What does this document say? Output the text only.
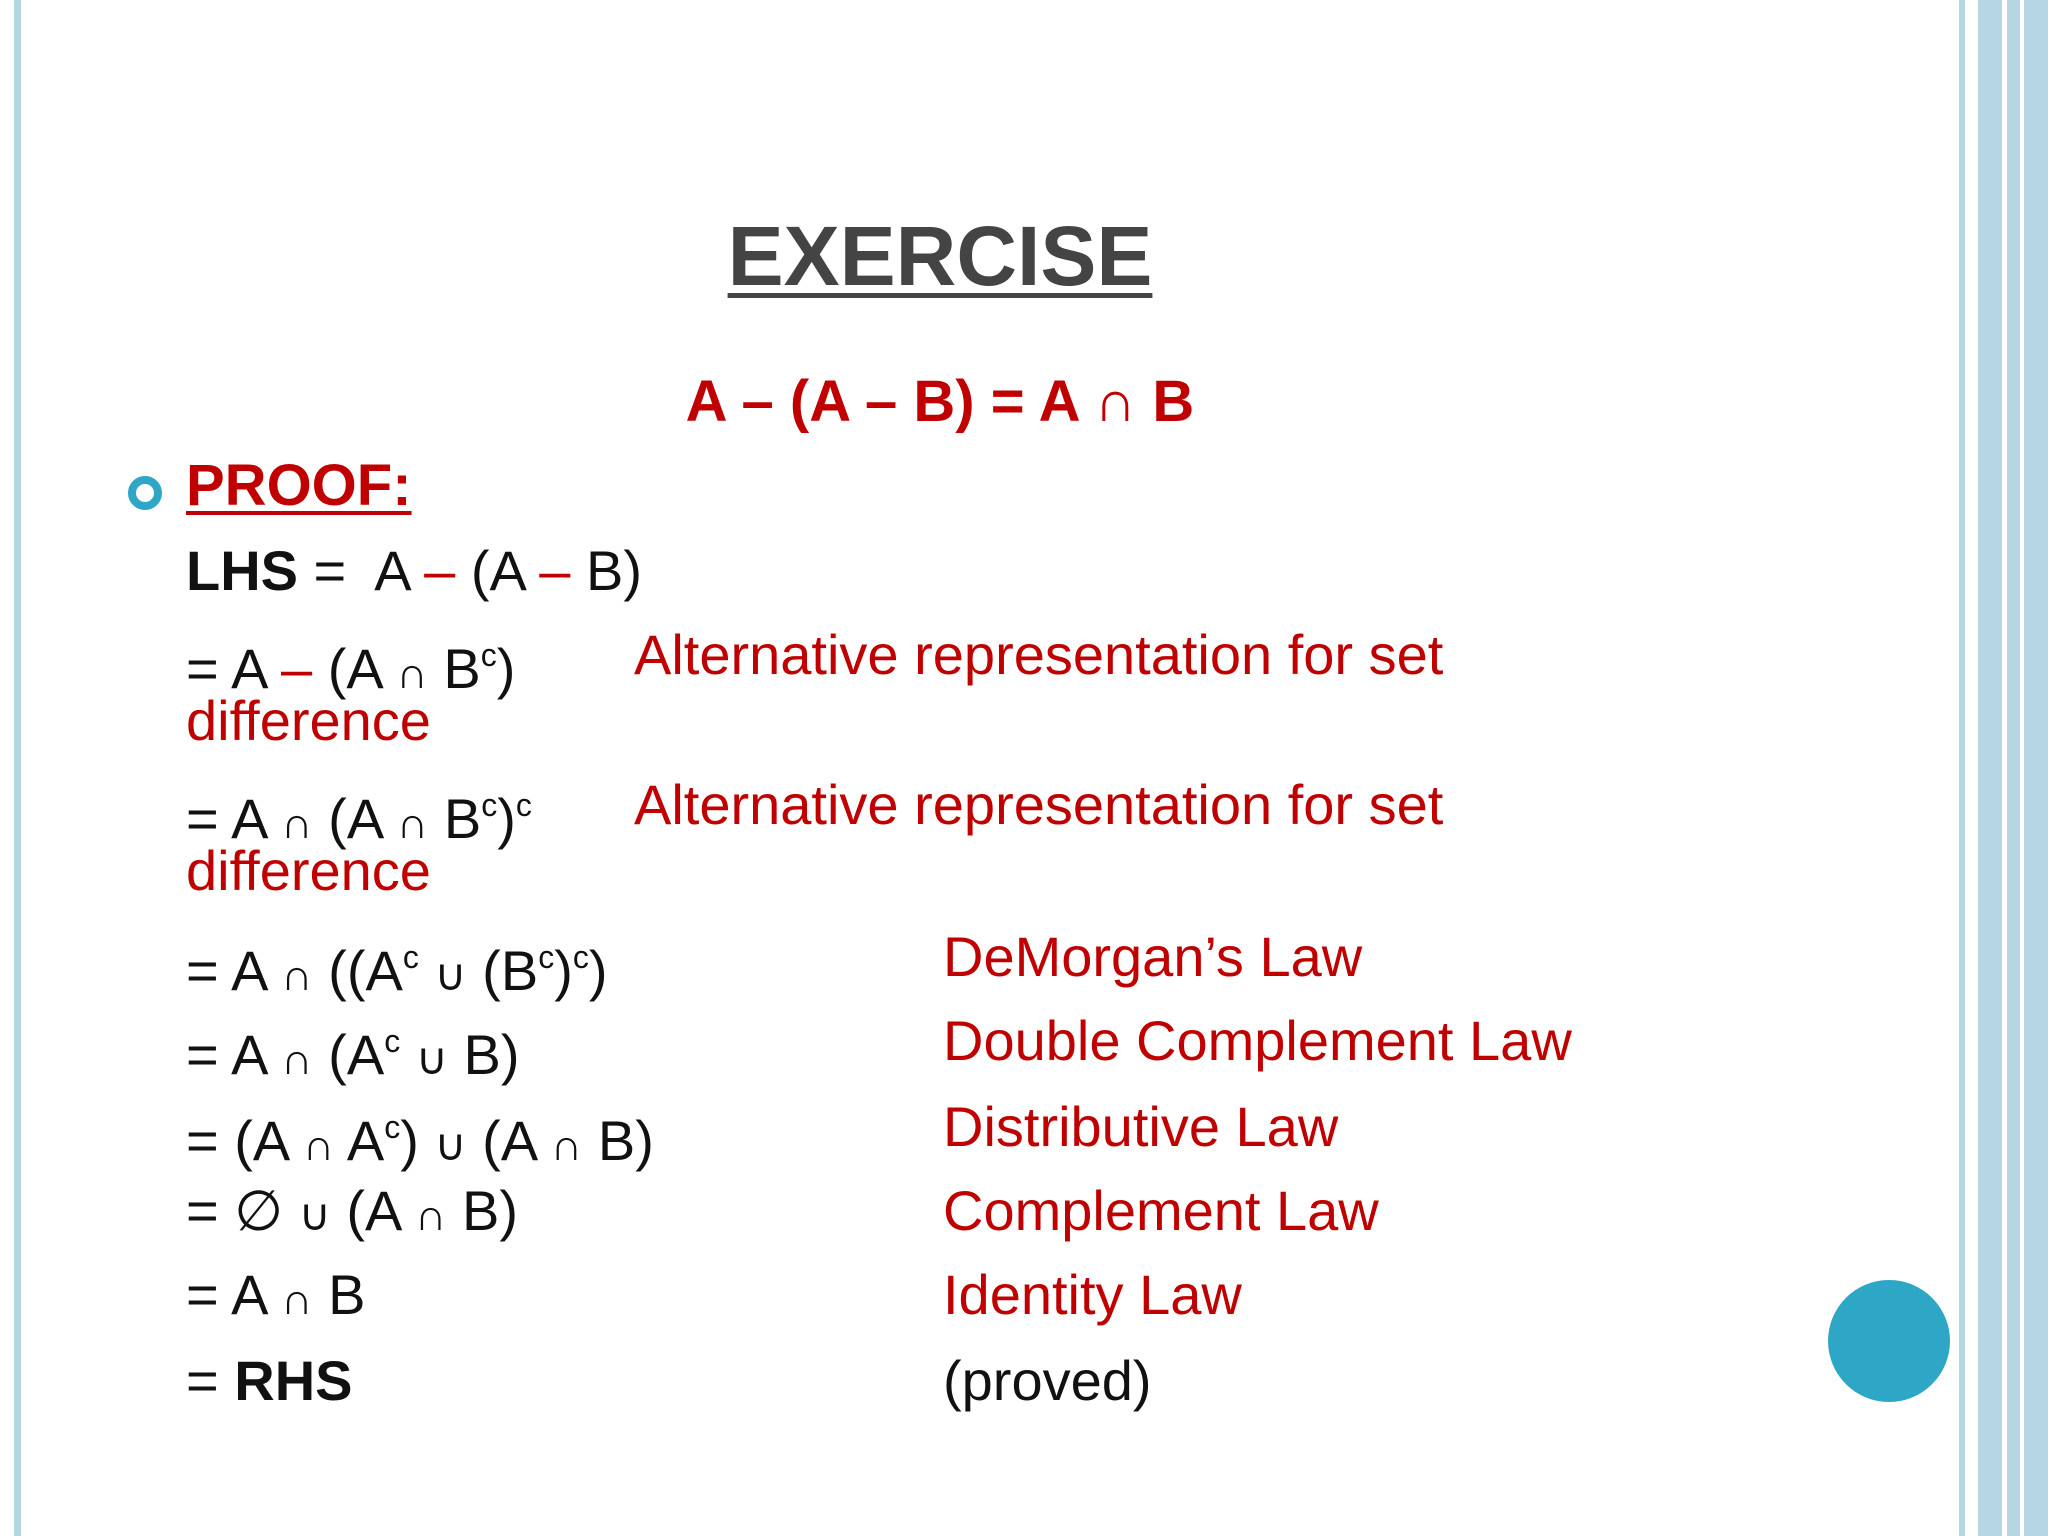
EXERCISE
A – (A – B) = A ∩ B
PROOF:
LHS =  A – (A – B)
= A – (A ∩ $B^c$) Alternative representation for set
difference
= A ∩ (A ∩ $B^c)^c$ Alternative representation for set
difference
= A ∩ (($A^c$ ∪ $(B^c)^c$)	DeMorgan’s Law
= A ∩ ($A^c$ ∪ B)	Double Complement Law
= (A ∩ $A^c$) ∪ (A ∩ B)	Distributive Law
= ∅ ∪ (A ∩ B)	Complement Law
= A ∩ B	Identity Law
= RHS	(proved)
